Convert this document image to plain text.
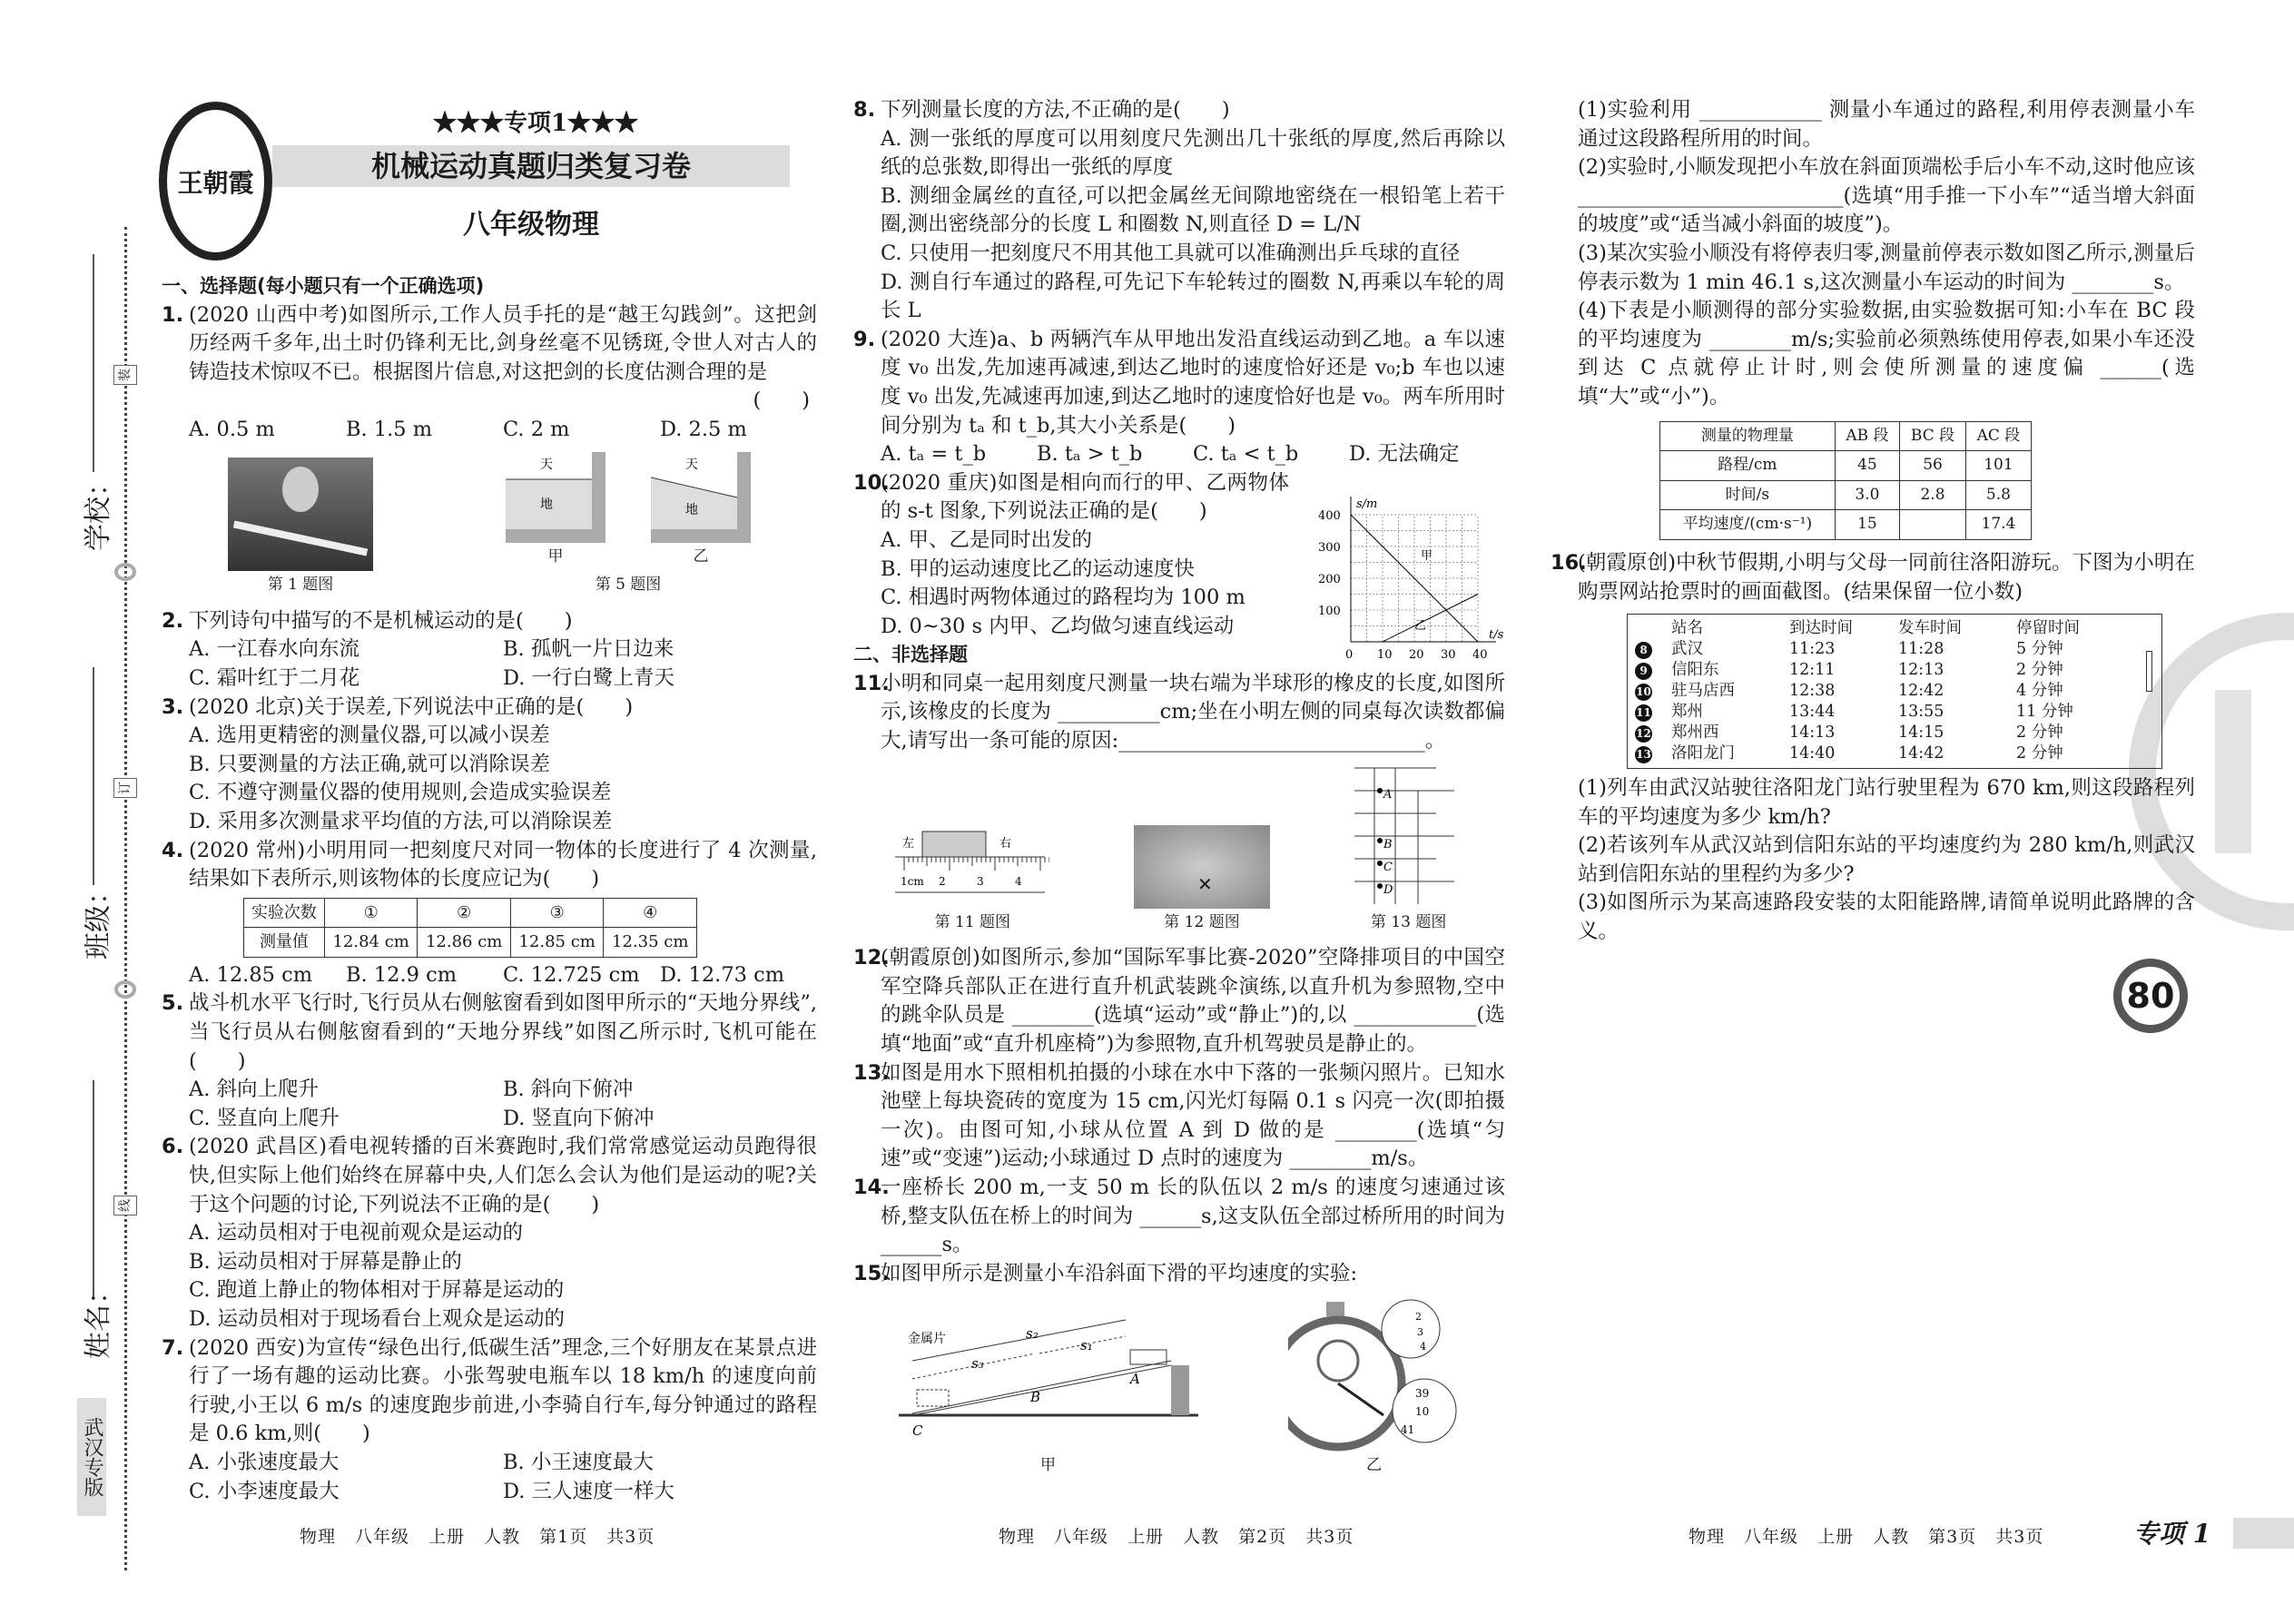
学校：
班级：
姓名：
武汉专版
装
订
线
王朝霞
★★★专项1★★★
机械运动真题归类复习卷
八年级物理
一、选择题(每小题只有一个正确选项)
1. (2020 山西中考)如图所示,工作人员手托的是“越王勾践剑”。这把剑历经两千多年,出土时仍锋利无比,剑身丝毫不见锈斑,令世人对古人的铸造技术惊叹不已。根据图片信息,对这把剑的长度估测合理的是
(　　)
A. 0.5 m	B. 1.5 m	C. 2 m	D. 2.5 m
第 1 题图
天
地
甲
天
地
乙
第 5 题图
2. 下列诗句中描写的不是机械运动的是(　　)
A. 一江春水向东流	B. 孤帆一片日边来
C. 霜叶红于二月花	D. 一行白鹭上青天
3. (2020 北京)关于误差,下列说法中正确的是(　　)
A. 选用更精密的测量仪器,可以减小误差
B. 只要测量的方法正确,就可以消除误差
C. 不遵守测量仪器的使用规则,会造成实验误差
D. 采用多次测量求平均值的方法,可以消除误差
4. (2020 常州)小明用同一把刻度尺对同一物体的长度进行了 4 次测量,结果如下表所示,则该物体的长度应记为(　　)
实验次数	①	②	③	④
测量值	12.84 cm	12.86 cm	12.85 cm	12.35 cm
A. 12.85 cm	B. 12.9 cm	C. 12.725 cm D. 12.73 cm
5. 战斗机水平飞行时,飞行员从右侧舷窗看到如图甲所示的“天地分界线”,当飞行员从右侧舷窗看到的“天地分界线”如图乙所示时,飞机可能在(　　)
A. 斜向上爬升	B. 斜向下俯冲
C. 竖直向上爬升	D. 竖直向下俯冲
6. (2020 武昌区)看电视转播的百米赛跑时,我们常常感觉运动员跑得很快,但实际上他们始终在屏幕中央,人们怎么会认为他们是运动的呢?关于这个问题的讨论,下列说法不正确的是(　　)
A. 运动员相对于电视前观众是运动的
B. 运动员相对于屏幕是静止的
C. 跑道上静止的物体相对于屏幕是运动的
D. 运动员相对于现场看台上观众是运动的
7. (2020 西安)为宣传“绿色出行,低碳生活”理念,三个好朋友在某景点进行了一场有趣的运动比赛。小张驾驶电瓶车以 18 km/h 的速度向前行驶,小王以 6 m/s 的速度跑步前进,小李骑自行车,每分钟通过的路程是 0.6 km,则(　　)
A. 小张速度最大	B. 小王速度最大
C. 小李速度最大	D. 三人速度一样大
8. 下列测量长度的方法,不正确的是(　　)
A. 测一张纸的厚度可以用刻度尺先测出几十张纸的厚度,然后再除以纸的总张数,即得出一张纸的厚度
B. 测细金属丝的直径,可以把金属丝无间隙地密绕在一根铅笔上若干圈,测出密绕部分的长度 L 和圈数 N,则直径 D = L/N
C. 只使用一把刻度尺不用其他工具就可以准确测出乒乓球的直径
D. 测自行车通过的路程,可先记下车轮转过的圈数 N,再乘以车轮的周长 L
9. (2020 大连)a、b 两辆汽车从甲地出发沿直线运动到乙地。a 车以速度 v₀ 出发,先加速再减速,到达乙地时的速度恰好还是 v₀;b 车也以速度 v₀ 出发,先减速再加速,到达乙地时的速度恰好也是 v₀。两车所用时间分别为 tₐ 和 t_b,其大小关系是(　　)
A. tₐ = t_b	B. tₐ > t_b	C. tₐ < t_b	D. 无法确定
10.
(2020 重庆)如图是相向而行的甲、乙两物体的 s-t 图象,下列说法正确的是(　　)
A. 甲、乙是同时出发的
B. 甲的运动速度比乙的运动速度快
C. 相遇时两物体通过的路程均为 100 m
D. 0~30 s 内甲、乙均做匀速直线运动
0 10 20 30 40
100
200
300
400
t/s
s/m
甲
乙
二、非选择题
11.
小明和同桌一起用刻度尺测量一块右端为半球形的橡皮的长度,如图所示,该橡皮的长度为 __________cm;坐在小明左侧的同桌每次读数都偏大,请写出一条可能的原因:______________________________。
左	右
1cm 2	3	4
第 11 题图
✕
第 12 题图
A
B
C
D
第 13 题图
12.
(朝霞原创)如图所示,参加“国际军事比赛-2020”空降排项目的中国空军空降兵部队正在进行直升机武装跳伞演练,以直升机为参照物,空中的跳伞队员是 ________(选填“运动”或“静止”)的,以 ____________(选填“地面”或“直升机座椅”)为参照物,直升机驾驶员是静止的。
13.
如图是用水下照相机拍摄的小球在水中下落的一张频闪照片。已知水池壁上每块瓷砖的宽度为 15 cm,闪光灯每隔 0.1 s 闪亮一次(即拍摄一次)。由图可知,小球从位置 A 到 D 做的是 ________(选填“匀速”或“变速”)运动;小球通过 D 点时的速度为 ________m/s。
14.
一座桥长 200 m,一支 50 m 长的队伍以 2 m/s 的速度匀速通过该桥,整支队伍在桥上的时间为 ______s,这支队伍全部过桥所用的时间为 ______s。
15.
如图甲所示是测量小车沿斜面下滑的平均速度的实验:
金属片	s₂
s₃
s₁
A
B
C
甲
2
3
4
39
10
41
乙
(1)实验利用 ____________ 测量小车通过的路程,利用停表测量小车通过这段路程所用的时间。
(2)实验时,小顺发现把小车放在斜面顶端松手后小车不动,这时他应该 __________________________(选填“用手推一下小车”“适当增大斜面的坡度”或“适当减小斜面的坡度”)。
(3)某次实验小顺没有将停表归零,测量前停表示数如图乙所示,测量后停表示数为 1 min 46.1 s,这次测量小车运动的时间为 ________s。
(4)下表是小顺测得的部分实验数据,由实验数据可知:小车在 BC 段的平均速度为 ________m/s;实验前必须熟练使用停表,如果小车还没到达 C 点就停止计时,则会使所测量的速度偏 ______(选填“大”或“小”)。
测量的物理量	AB 段	BC 段	AC 段
路程/cm	45	56	101
时间/s	3.0	2.8	5.8
平均速度/(cm·s⁻¹)	15		17.4
16.
(朝霞原创)中秋节假期,小明与父母一同前往洛阳游玩。下图为小明在购票网站抢票时的画面截图。(结果保留一位小数)
站名	到达时间	发车时间	停留时间
8	武汉	11:23	11:28	5 分钟
9	信阳东	12:11	12:13	2 分钟
10	驻马店西	12:38	12:42	4 分钟
11	郑州	13:44	13:55	11 分钟
12	郑州西	14:13	14:15	2 分钟
13	洛阳龙门	14:40	14:42	2 分钟
(1)列车由武汉站驶往洛阳龙门站行驶里程为 670 km,则这段路程列车的平均速度为多少 km/h?
(2)若该列车从武汉站到信阳东站的平均速度约为 280 km/h,则武汉站到信阳东站的里程约为多少?
(3)如图所示为某高速路段安装的太阳能路牌,请简单说明此路牌的含义。
80
物理 八年级 上册 人教 第1页 共3页	物理 八年级 上册 人教 第2页 共3页	物理 八年级 上册 人教 第3页 共3页	专项 1
